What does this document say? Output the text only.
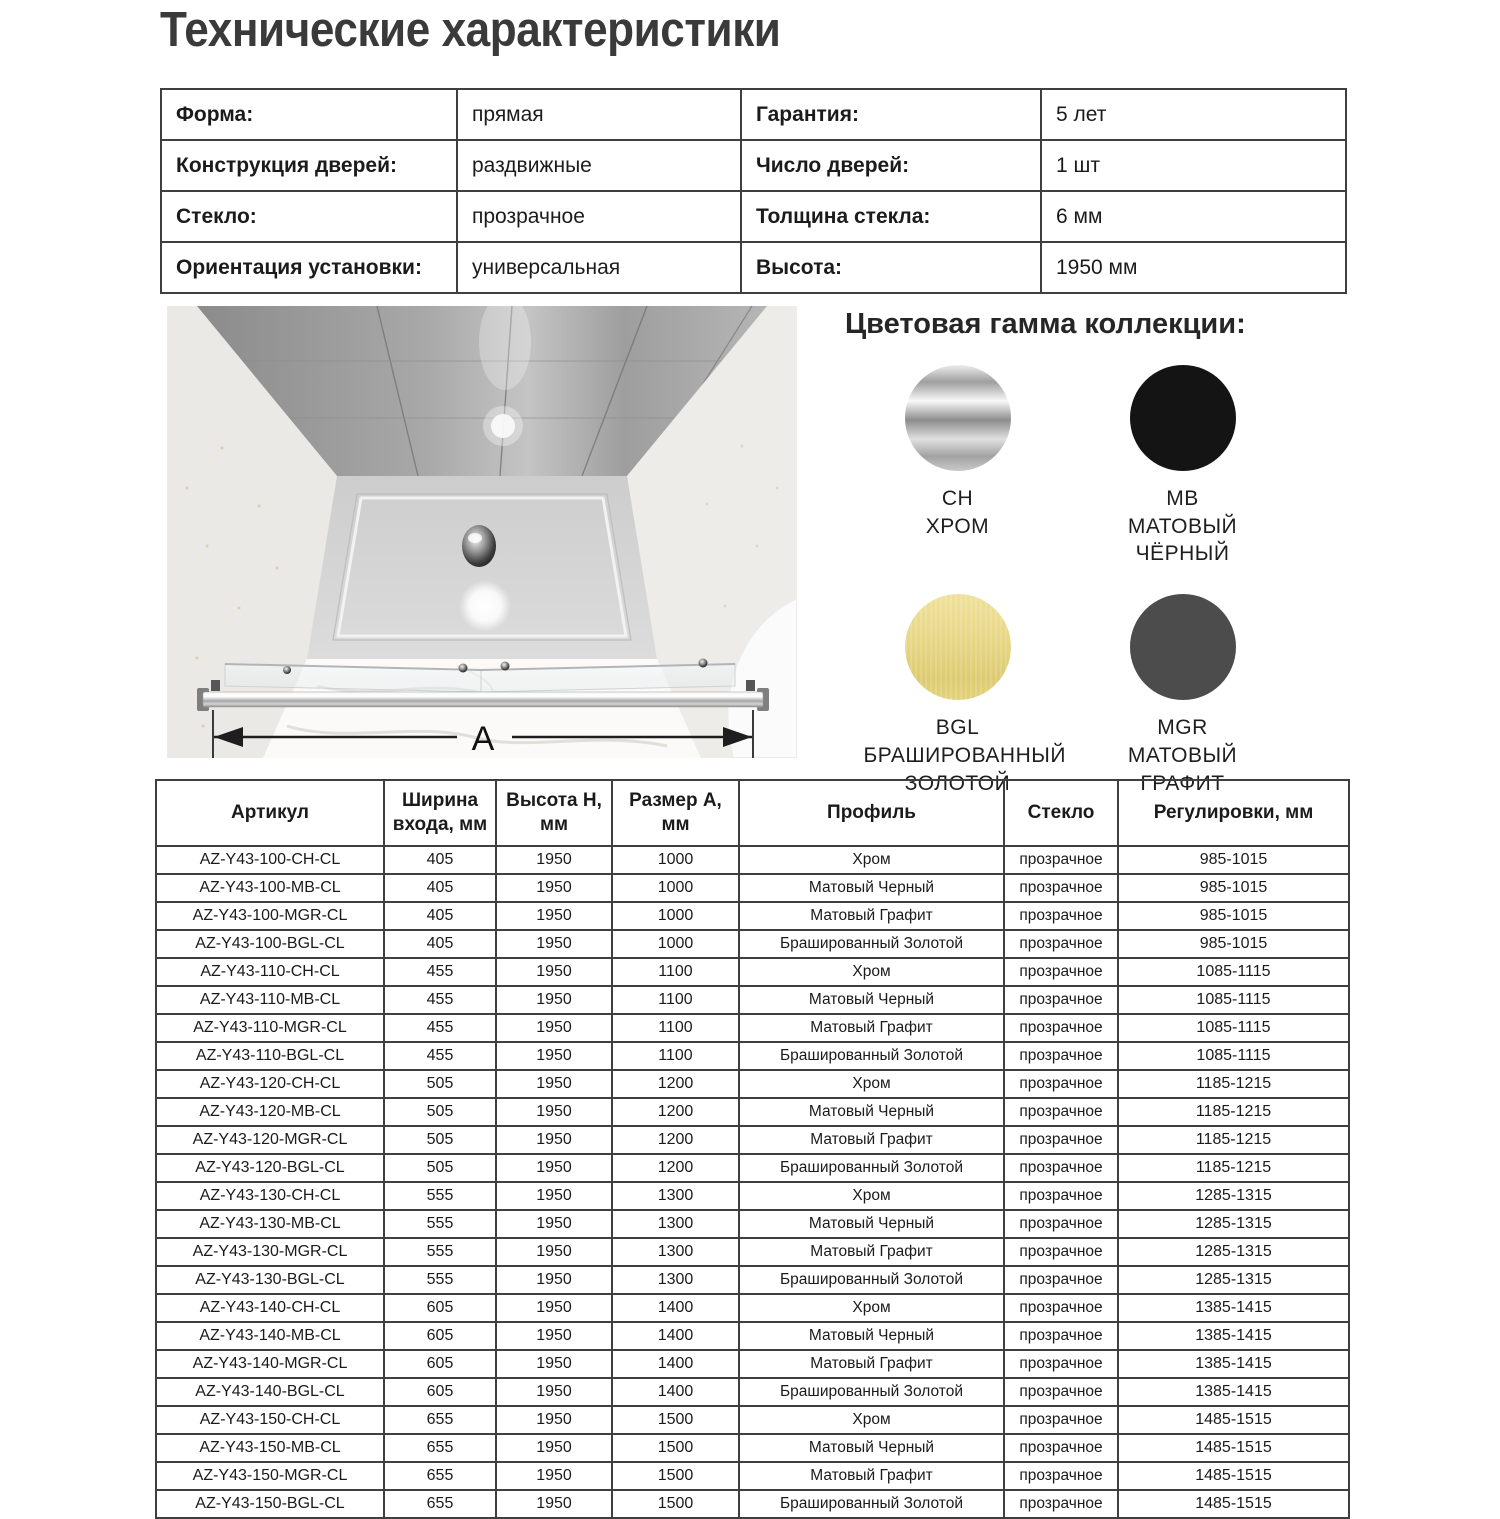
Технические характеристики
Форма:	прямая	Гарантия:	5 лет
Конструкция дверей:	раздвижные	Число дверей:	1 шт
Стекло:	прозрачное	Толщина стекла:	6 мм
Ориентация установки:	универсальная	Высота:	1950 мм
A
Цветовая гамма коллекции:
CH
ХРОМ
MB
МАТОВЫЙ ЧЁРНЫЙ
BGL
БРАШИРОВАННЫЙ ЗОЛОТОЙ
MGR
МАТОВЫЙ ГРАФИТ
Артикул	Ширина входа, мм	Высота H, мм	Размер A, мм	Профиль	Стекло	Регулировки, мм
AZ-Y43-100-CH-CL	405	1950	1000	Хром	прозрачное	985-1015
AZ-Y43-100-MB-CL	405	1950	1000	Матовый Черный	прозрачное	985-1015
AZ-Y43-100-MGR-CL	405	1950	1000	Матовый Графит	прозрачное	985-1015
AZ-Y43-100-BGL-CL	405	1950	1000	Брашированный Золотой	прозрачное	985-1015
AZ-Y43-110-CH-CL	455	1950	1100	Хром	прозрачное	1085-1115
AZ-Y43-110-MB-CL	455	1950	1100	Матовый Черный	прозрачное	1085-1115
AZ-Y43-110-MGR-CL	455	1950	1100	Матовый Графит	прозрачное	1085-1115
AZ-Y43-110-BGL-CL	455	1950	1100	Брашированный Золотой	прозрачное	1085-1115
AZ-Y43-120-CH-CL	505	1950	1200	Хром	прозрачное	1185-1215
AZ-Y43-120-MB-CL	505	1950	1200	Матовый Черный	прозрачное	1185-1215
AZ-Y43-120-MGR-CL	505	1950	1200	Матовый Графит	прозрачное	1185-1215
AZ-Y43-120-BGL-CL	505	1950	1200	Брашированный Золотой	прозрачное	1185-1215
AZ-Y43-130-CH-CL	555	1950	1300	Хром	прозрачное	1285-1315
AZ-Y43-130-MB-CL	555	1950	1300	Матовый Черный	прозрачное	1285-1315
AZ-Y43-130-MGR-CL	555	1950	1300	Матовый Графит	прозрачное	1285-1315
AZ-Y43-130-BGL-CL	555	1950	1300	Брашированный Золотой	прозрачное	1285-1315
AZ-Y43-140-CH-CL	605	1950	1400	Хром	прозрачное	1385-1415
AZ-Y43-140-MB-CL	605	1950	1400	Матовый Черный	прозрачное	1385-1415
AZ-Y43-140-MGR-CL	605	1950	1400	Матовый Графит	прозрачное	1385-1415
AZ-Y43-140-BGL-CL	605	1950	1400	Брашированный Золотой	прозрачное	1385-1415
AZ-Y43-150-CH-CL	655	1950	1500	Хром	прозрачное	1485-1515
AZ-Y43-150-MB-CL	655	1950	1500	Матовый Черный	прозрачное	1485-1515
AZ-Y43-150-MGR-CL	655	1950	1500	Матовый Графит	прозрачное	1485-1515
AZ-Y43-150-BGL-CL	655	1950	1500	Брашированный Золотой	прозрачное	1485-1515
